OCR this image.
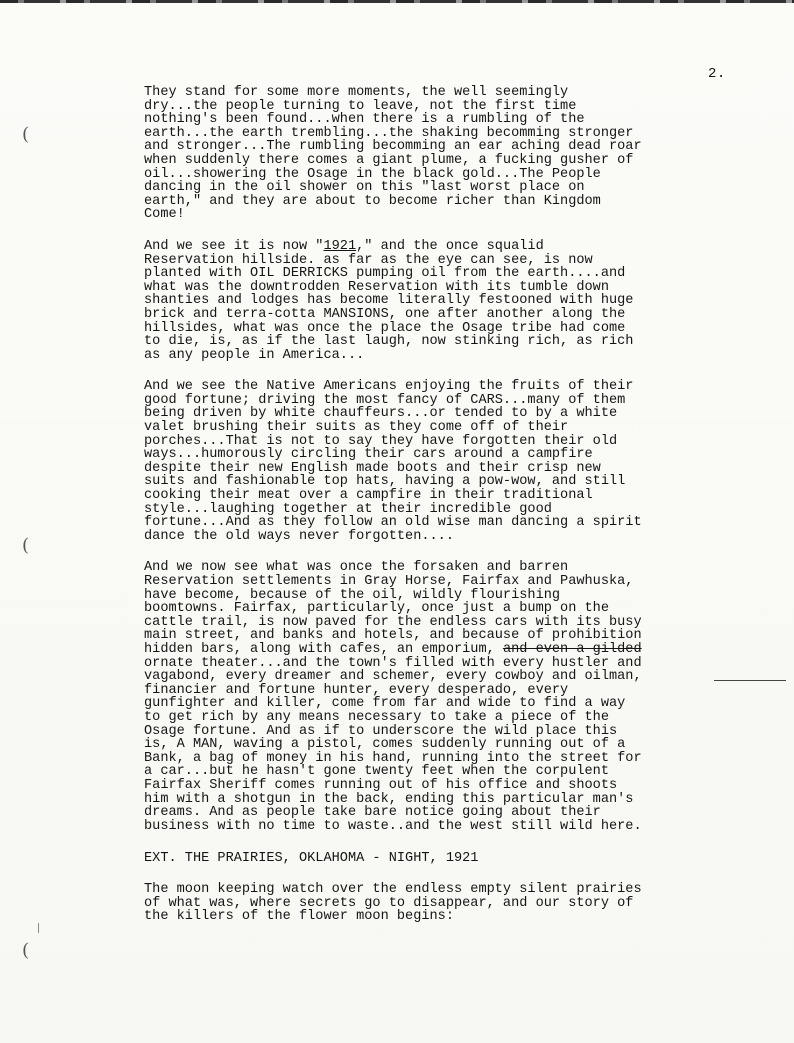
2.
(
(
(

They stand for some more moments, the well seemingly
dry...the people turning to leave, not the first time
nothing's been found...when there is a rumbling of the
earth...the earth trembling...the shaking becomming stronger
and stronger...The rumbling becomming an ear aching dead roar
when suddenly there comes a giant plume, a fucking gusher of
oil...showering the Osage in the black gold...The People
dancing in the oil shower on this "last worst place on
earth," and they are about to become richer than Kingdom
Come!

And we see it is now "1921," and the once squalid
Reservation hillside. as far as the eye can see, is now
planted with OIL DERRICKS pumping oil from the earth....and
what was the downtrodden Reservation with its tumble down
shanties and lodges has become literally festooned with huge
brick and terra-cotta MANSIONS, one after another along the
hillsides, what was once the place the Osage tribe had come
to die, is, as if the last laugh, now stinking rich, as rich
as any people in America...

And we see the Native Americans enjoying the fruits of their
good fortune; driving the most fancy of CARS...many of them
being driven by white chauffeurs...or tended to by a white
valet brushing their suits as they come off of their
porches...That is not to say they have forgotten their old
ways...humorously circling their cars around a campfire
despite their new English made boots and their crisp new
suits and fashionable top hats, having a pow-wow, and still
cooking their meat over a campfire in their traditional
style...laughing together at their incredible good
fortune...And as they follow an old wise man dancing a spirit
dance the old ways never forgotten....

And we now see what was once the forsaken and barren
Reservation settlements in Gray Horse, Fairfax and Pawhuska,
have become, because of the oil, wildly flourishing
boomtowns. Fairfax, particularly, once just a bump on the
cattle trail, is now paved for the endless cars with its busy
main street, and banks and hotels, and because of prohibition
hidden bars, along with cafes, an emporium, and even a gilded
ornate theater...and the town's filled with every hustler and
vagabond, every dreamer and schemer, every cowboy and oilman,
financier and fortune hunter, every desperado, every
gunfighter and killer, come from far and wide to find a way
to get rich by any means necessary to take a piece of the
Osage fortune. And as if to underscore the wild place this
is, A MAN, waving a pistol, comes suddenly running out of a
Bank, a bag of money in his hand, running into the street for
a car...but he hasn't gone twenty feet when the corpulent
Fairfax Sheriff comes running out of his office and shoots
him with a shotgun in the back, ending this particular man's
dreams. And as people take bare notice going about their
business with no time to waste..and the west still wild here.

EXT. THE PRAIRIES, OKLAHOMA - NIGHT, 1921

The moon keeping watch over the endless empty silent prairies
of what was, where secrets go to disappear, and our story of
the killers of the flower moon begins:
